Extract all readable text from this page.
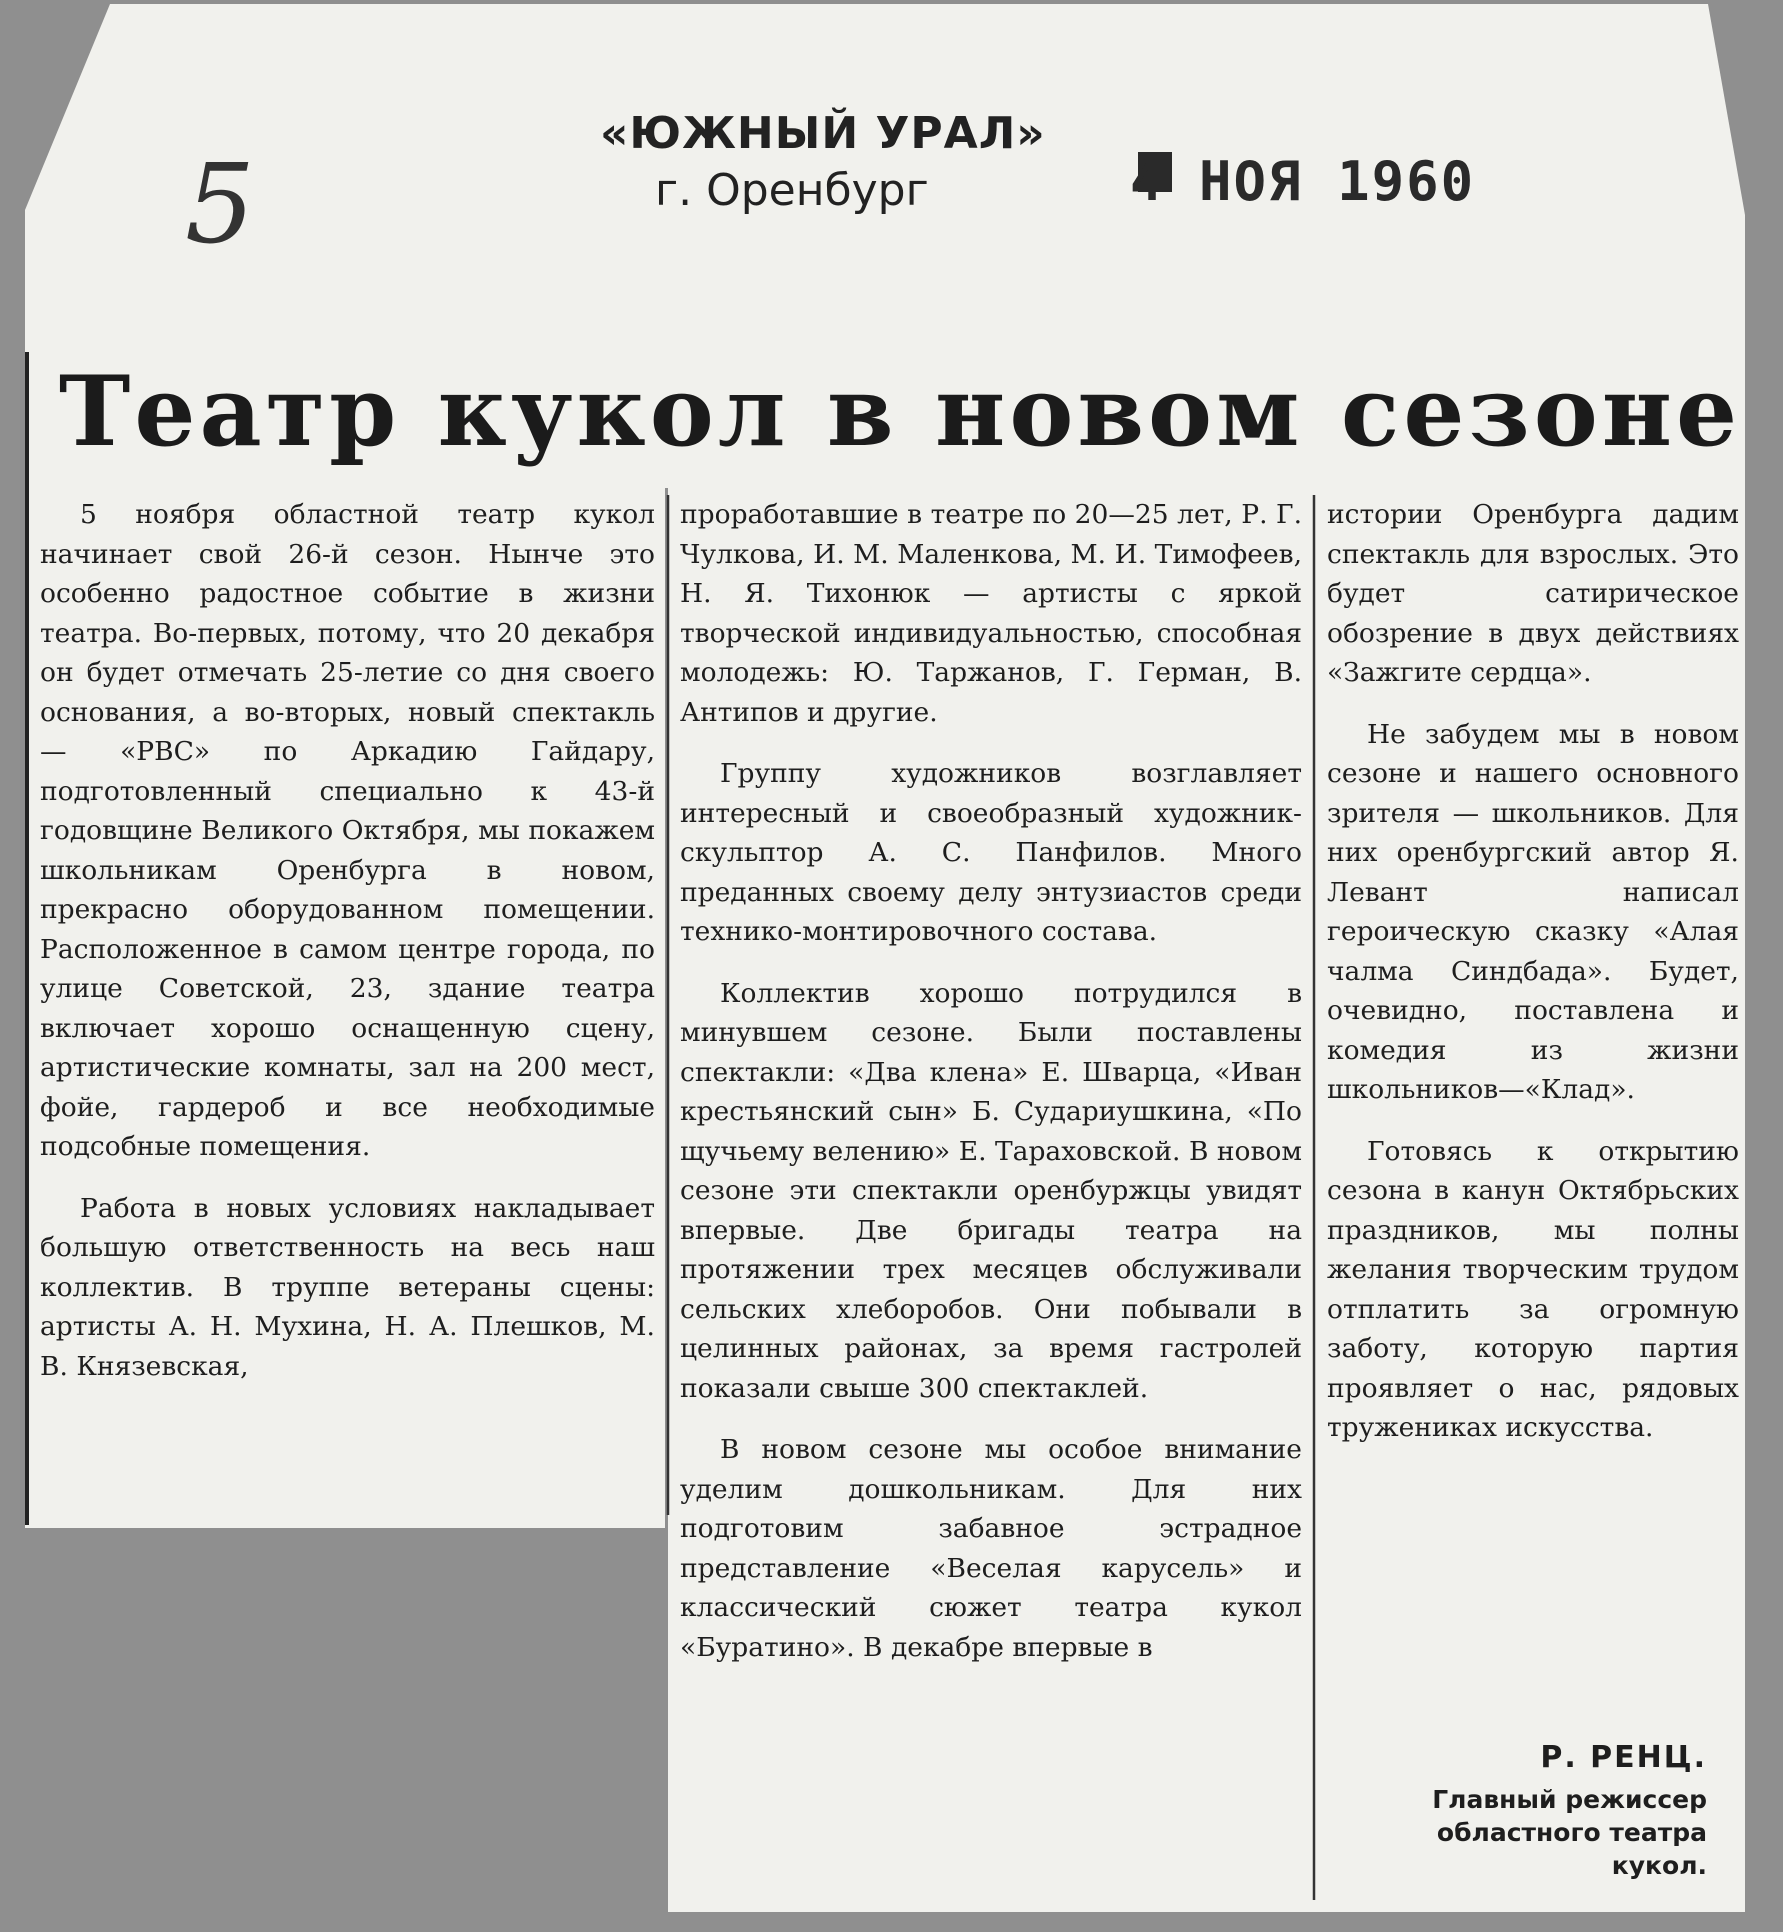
5
«ЮЖНЫЙ УРАЛ»
г. Оренбург	4 НОЯ 1960
Театр кукол в новом сезоне

5 ноября областной театр кукол начинает свой 26-й сезон. Нынче это особенно радостное событие в жизни театра. Во-первых, потому, что 20 декабря он будет отмечать 25-летие со дня своего основания, а во-вторых, новый спектакль — «РВС» по Аркадию Гайдару, подготовленный специально к 43-й годовщине Великого Октября, мы покажем школьникам Оренбурга в новом, прекрасно оборудованном помещении. Расположенное в самом центре города, по улице Советской, 23, здание театра включает хорошо оснащенную сцену, артистические комнаты, зал на 200 мест, фойе, гардероб и все необходимые подсобные помещения.

Работа в новых условиях накладывает большую ответственность на весь наш коллектив. В труппе ветераны сцены: артисты А. Н. Мухина, Н. А. Плешков, М. В. Князевская,

проработавшие в театре по 20—25 лет, Р. Г. Чулкова, И. М. Маленкова, М. И. Тимофеев, Н. Я. Тихонюк — артисты с яркой творческой индивидуальностью, способная молодежь: Ю. Таржанов, Г. Герман, В. Антипов и другие.

Группу художников возглавляет интересный и своеобразный художник-скульптор А. С. Панфилов. Много преданных своему делу энтузиастов среди технико-монтировочного состава.

Коллектив хорошо потрудился в минувшем сезоне. Были поставлены спектакли: «Два клена» Е. Шварца, «Иван крестьянский сын» Б. Судариушкина, «По щучьему велению» Е. Тараховской. В новом сезоне эти спектакли оренбуржцы увидят впервые. Две бригады театра на протяжении трех месяцев обслуживали сельских хлеборобов. Они побывали в целинных районах, за время гастролей показали свыше 300 спектаклей.

В новом сезоне мы особое внимание уделим дошкольникам. Для них подготовим забавное эстрадное представление «Веселая карусель» и классический сюжет театра кукол «Буратино». В декабре впервые в

истории Оренбурга дадим спектакль для взрослых. Это будет сатирическое обозрение в двух действиях «Зажгите сердца».

Не забудем мы в новом сезоне и нашего основного зрителя — школьников. Для них оренбургский автор Я. Левант написал героическую сказку «Алая чалма Синдбада». Будет, очевидно, поставлена и комедия из жизни школьников—«Клад».

Готовясь к открытию сезона в канун Октябрьских праздников, мы полны желания творческим трудом отплатить за огромную заботу, которую партия проявляет о нас, рядовых тружениках искусства.

Р. РЕНЦ.
Главный режиссер
областного театра
кукол.
